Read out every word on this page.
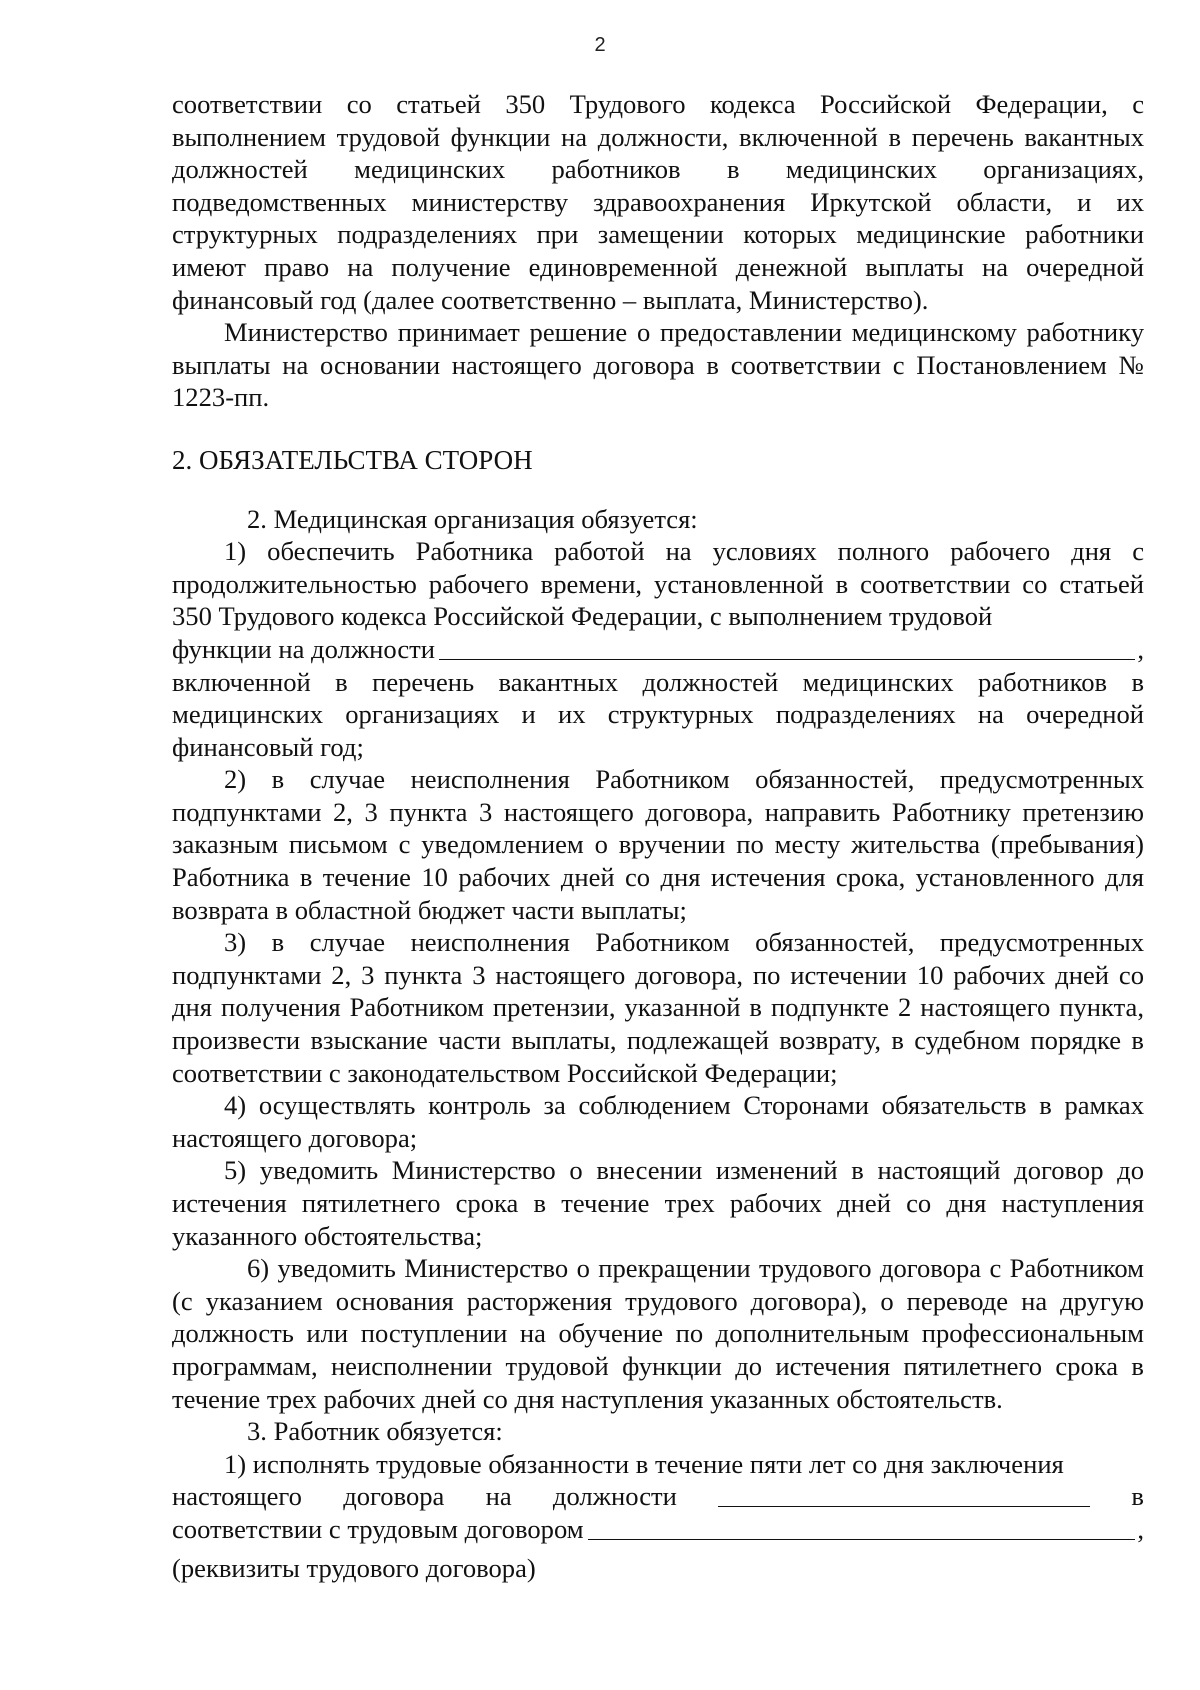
2

соответствии со статьей 350 Трудового кодекса Российской Федерации, с выполнением трудовой функции на должности, включенной в перечень вакантных должностей медицинских работников в медицинских организациях, подведомственных министерству здравоохранения Иркутской области, и их структурных подразделениях при замещении которых медицинские работники имеют право на получение единовременной денежной выплаты на очередной финансовый год (далее соответственно – выплата, Министерство).

Министерство принимает решение о предоставлении медицинскому работнику выплаты на основании настоящего договора в соответствии с Постановлением № 1223-пп.

2. ОБЯЗАТЕЛЬСТВА СТОРОН

2. Медицинская организация обязуется:

1) обеспечить Работника работой на условиях полного рабочего дня с продолжительностью рабочего времени, установленной в соответствии со статьей 350 Трудового кодекса Российской Федерации, с выполнением трудовой

функции на должности	,

включенной в перечень вакантных должностей медицинских работников в медицинских организациях и их структурных подразделениях на очередной финансовый год;

2) в случае неисполнения Работником обязанностей, предусмотренных подпунктами 2, 3 пункта 3 настоящего договора, направить Работнику претензию заказным письмом с уведомлением о вручении по месту жительства (пребывания) Работника в течение 10 рабочих дней со дня истечения срока, установленного для возврата в областной бюджет части выплаты;

3) в случае неисполнения Работником обязанностей, предусмотренных подпунктами 2, 3 пункта 3 настоящего договора, по истечении 10 рабочих дней со дня получения Работником претензии, указанной в подпункте 2 настоящего пункта, произвести взыскание части выплаты, подлежащей возврату, в судебном порядке в соответствии с законодательством Российской Федерации;

4) осуществлять контроль за соблюдением Сторонами обязательств в рамках настоящего договора;

5) уведомить Министерство о внесении изменений в настоящий договор до истечения пятилетнего срока в течение трех рабочих дней со дня наступления указанного обстоятельства;

6) уведомить Министерство о прекращении трудового договора с Работником (с указанием основания расторжения трудового договора), о переводе на другую должность или поступлении на обучение по дополнительным профессиональным программам, неисполнении трудовой функции до истечения пятилетнего срока в течение трех рабочих дней со дня наступления указанных обстоятельств.

3. Работник обязуется:

1) исполнять трудовые обязанности в течение пяти лет со дня заключения

настоящего договора на должности	в
соответствии с трудовым договором	,

(реквизиты трудового договора)
